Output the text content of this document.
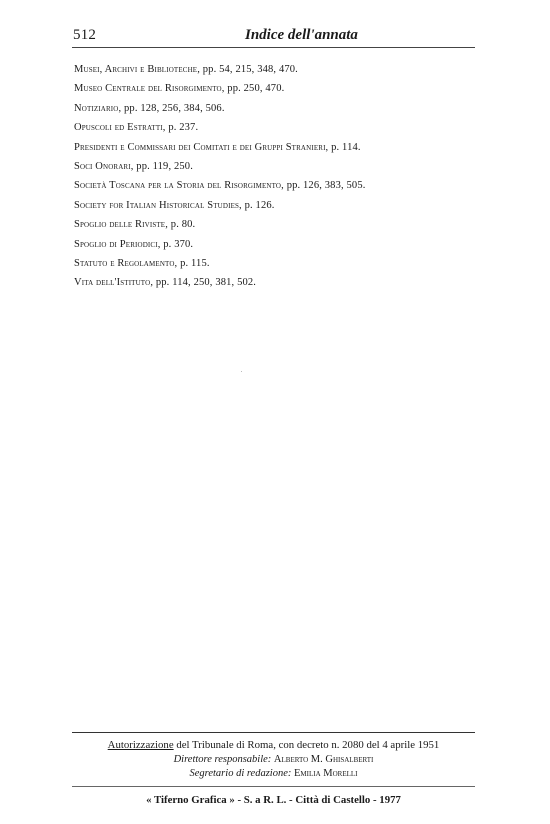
512	Indice dell'annata
Musei, Archivi e Biblioteche, pp. 54, 215, 348, 470.
Museo Centrale del Risorgimento, pp. 250, 470.
Notiziario, pp. 128, 256, 384, 506.
Opuscoli ed Estratti, p. 237.
Presidenti e Commissari dei Comitati e dei Gruppi Stranieri, p. 114.
Soci Onorari, pp. 119, 250.
Società Toscana per la Storia del Risorgimento, pp. 126, 383, 505.
Society for Italian Historical Studies, p. 126.
Spoglio delle Riviste, p. 80.
Spoglio di Periodici, p. 370.
Statuto e Regolamento, p. 115.
Vita dell'Istituto, pp. 114, 250, 381, 502.
Autorizzazione del Tribunale di Roma, con decreto n. 2080 del 4 aprile 1951
Direttore responsabile: Alberto M. Ghisalberti
Segretario di redazione: Emilia Morelli
« Tiferno Grafica » - S. a R. L. - Città di Castello - 1977
